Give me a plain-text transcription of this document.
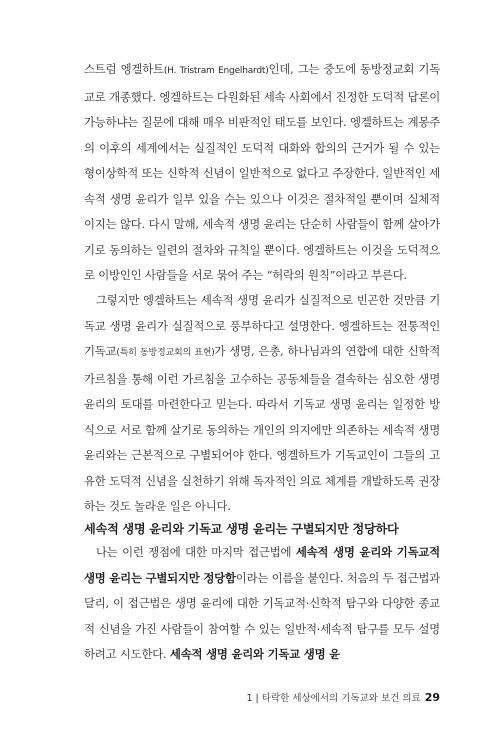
스트럼 엥겔하트(H. Tristram Engelhardt)인데, 그는 중도에 동방정교회 기독교로 개종했다. 엥겔하트는 다원화된 세속 사회에서 진정한 도덕적 답론이 가능하냐는 질문에 대해 매우 비판적인 태도를 보인다. 엥겔하트는 계몽주의 이후의 세계에서는 실질적인 도덕적 대화와 합의의 근거가 될 수 있는 형이상학적 또는 신학적 신념이 일반적으로 없다고 주장한다. 일반적인 세속적 생명 윤리가 일부 있을 수는 있으나 이것은 절차적일 뿐이며 실체적이지는 않다. 다시 말해, 세속적 생명 윤리는 단순히 사람들이 함께 살아가기로 동의하는 일련의 절차와 규칙일 뿐이다. 엥겔하트는 이것을 도덕적으로 이방인인 사람들을 서로 묶어 주는 “허락의 원칙”이라고 부른다.

그렇지만 엥겔하트는 세속적 생명 윤리가 실질적으로 빈곤한 것만큼 기독교 생명 윤리가 실질적으로 풍부하다고 설명한다. 엥겔하트는 전통적인 기독교(특히 동방정교회의 표현)가 생명, 은총, 하나님과의 연합에 대한 신학적 가르침을 통해 이런 가르침을 고수하는 공동체들을 결속하는 심오한 생명 윤리의 토대를 마련한다고 믿는다. 따라서 기독교 생명 윤리는 일정한 방식으로 서로 함께 살기로 동의하는 개인의 의지에만 의존하는 세속적 생명 윤리와는 근본적으로 구별되어야 한다. 엥겔하트가 기독교인이 그들의 고유한 도덕적 신념을 실천하기 위해 독자적인 의료 체계를 개발하도록 권장하는 것도 놀라운 일은 아니다.

세속적 생명 윤리와 기독교 생명 윤리는 구별되지만 정당하다

나는 이런 쟁점에 대한 마지막 접근법에 세속적 생명 윤리와 기독교적 생명 윤리는 구별되지만 정당함이라는 이름을 붙인다. 처음의 두 접근법과 달리, 이 접근법은 생명 윤리에 대한 기독교적·신학적 탐구와 다양한 종교적 신념을 가진 사람들이 참여할 수 있는 일반적·세속적 탐구를 모두 설명하려고 시도한다. 세속적 생명 윤리와 기독교 생명 윤

1 | 타락한 세상에서의 기독교와 보건 의료 29
